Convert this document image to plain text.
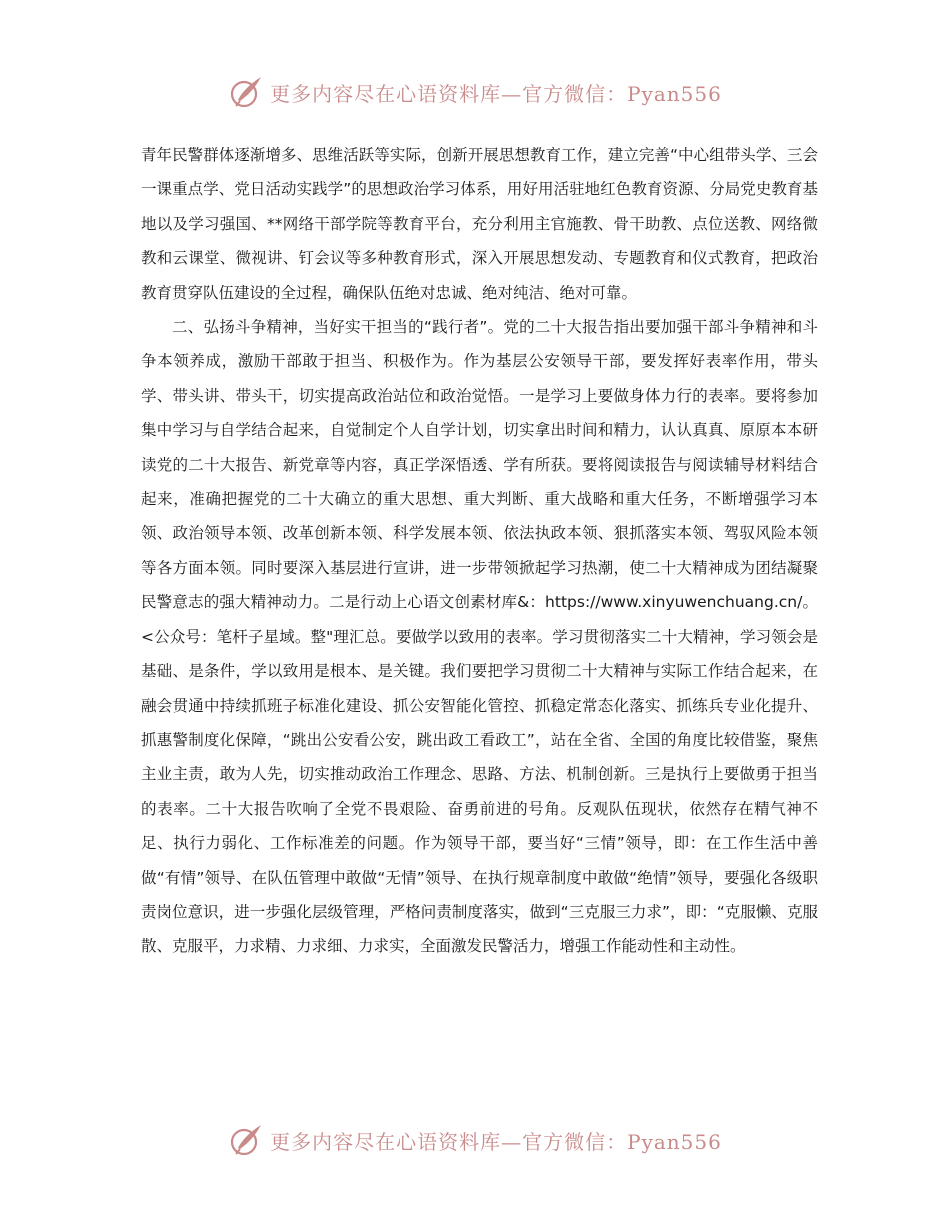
更多内容尽在心语资料库—官方微信：Pyan556

青年民警群体逐渐增多、思维活跃等实际，创新开展思想教育工作，建立完善“中心组带头学、三会一课重点学、党日活动实践学”的思想政治学习体系，用好用活驻地红色教育资源、分局党史教育基地以及学习强国、**网络干部学院等教育平台，充分利用主官施教、骨干助教、点位送教、网络微教和云课堂、微视讲、钉会议等多种教育形式，深入开展思想发动、专题教育和仪式教育，把政治教育贯穿队伍建设的全过程，确保队伍绝对忠诚、绝对纯洁、绝对可靠。

二、弘扬斗争精神，当好实干担当的“践行者”。党的二十大报告指出要加强干部斗争精神和斗争本领养成，激励干部敢于担当、积极作为。作为基层公安领导干部，要发挥好表率作用，带头学、带头讲、带头干，切实提高政治站位和政治觉悟。一是学习上要做身体力行的表率。要将参加集中学习与自学结合起来，自觉制定个人自学计划，切实拿出时间和精力，认认真真、原原本本研读党的二十大报告、新党章等内容，真正学深悟透、学有所获。要将阅读报告与阅读辅导材料结合起来，准确把握党的二十大确立的重大思想、重大判断、重大战略和重大任务，不断增强学习本领、政治领导本领、改革创新本领、科学发展本领、依法执政本领、狠抓落实本领、驾驭风险本领等各方面本领。同时要深入基层进行宣讲，进一步带领掀起学习热潮，使二十大精神成为团结凝聚民警意志的强大精神动力。二是行动上心语文创素材库&：https://www.xinyuwenchuang.cn/。<公众号：笔杆子星域。整"理汇总。要做学以致用的表率。学习贯彻落实二十大精神，学习领会是基础、是条件，学以致用是根本、是关键。我们要把学习贯彻二十大精神与实际工作结合起来，在融会贯通中持续抓班子标准化建设、抓公安智能化管控、抓稳定常态化落实、抓练兵专业化提升、抓惠警制度化保障，“跳出公安看公安，跳出政工看政工”，站在全省、全国的角度比较借鉴，聚焦主业主责，敢为人先，切实推动政治工作理念、思路、方法、机制创新。三是执行上要做勇于担当的表率。二十大报告吹响了全党不畏艰险、奋勇前进的号角。反观队伍现状，依然存在精气神不足、执行力弱化、工作标准差的问题。作为领导干部，要当好“三情”领导，即：在工作生活中善做“有情”领导、在队伍管理中敢做“无情”领导、在执行规章制度中敢做“绝情”领导，要强化各级职责岗位意识，进一步强化层级管理，严格问责制度落实，做到“三克服三力求”，即：“克服懒、克服散、克服平，力求精、力求细、力求实，全面激发民警活力，增强工作能动性和主动性。

更多内容尽在心语资料库—官方微信：Pyan556
